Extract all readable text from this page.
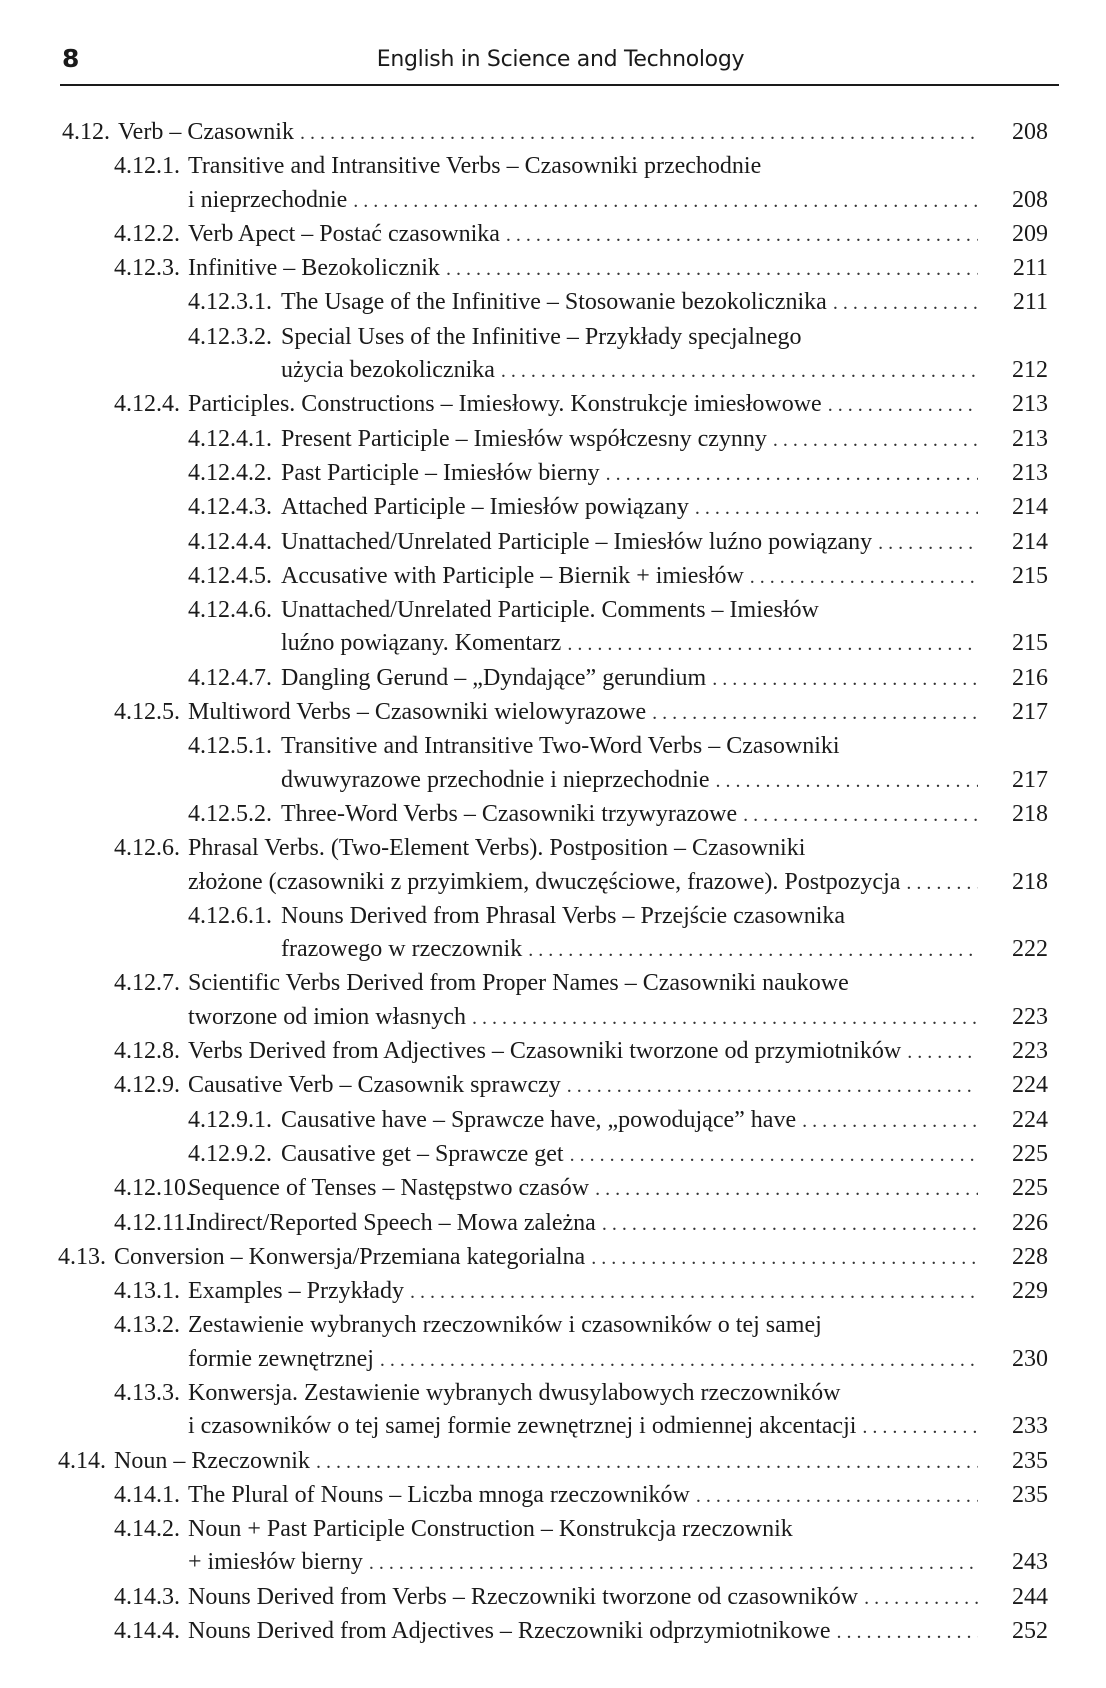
8	English in Science and Technology
4.12. Verb – Czasownik . . .	208
4.12.1. Transitive and Intransitive Verbs – Czasowniki przechodnie
i nieprzechodnie . . .	208
4.12.2. Verb Apect – Postać czasownika . . .	209
4.12.3. Infinitive – Bezokolicznik . . .	211
4.12.3.1. The Usage of the Infinitive – Stosowanie bezokolicznika . . .	211
4.12.3.2. Special Uses of the Infinitive – Przykłady specjalnego
użycia bezokolicznika . . .	212
4.12.4. Participles. Constructions – Imiesłowy. Konstrukcje imiesłowowe . . .	213
4.12.4.1. Present Participle – Imiesłów współczesny czynny . . .	213
4.12.4.2. Past Participle – Imiesłów bierny . . .	213
4.12.4.3. Attached Participle – Imiesłów powiązany . . .	214
4.12.4.4. Unattached/Unrelated Participle – Imiesłów luźno powiązany . . .	214
4.12.4.5. Accusative with Participle – Biernik + imiesłów . . .	215
4.12.4.6. Unattached/Unrelated Participle. Comments – Imiesłów
luźno powiązany. Komentarz . . .	215
4.12.4.7. Dangling Gerund – „Dyndające” gerundium . . .	216
4.12.5. Multiword Verbs – Czasowniki wielowyrazowe . . .	217
4.12.5.1. Transitive and Intransitive Two-Word Verbs – Czasowniki
dwuwyrazowe przechodnie i nieprzechodnie . . .	217
4.12.5.2. Three-Word Verbs – Czasowniki trzywyrazowe . . .	218
4.12.6. Phrasal Verbs. (Two-Element Verbs). Postposition – Czasowniki
złożone (czasowniki z przyimkiem, dwuczęściowe, frazowe). Postpozycja . . .	218
4.12.6.1. Nouns Derived from Phrasal Verbs – Przejście czasownika
frazowego w rzeczownik . . .	222
4.12.7. Scientific Verbs Derived from Proper Names – Czasowniki naukowe
tworzone od imion własnych . . .	223
4.12.8. Verbs Derived from Adjectives – Czasowniki tworzone od przymiotników . . .	223
4.12.9. Causative Verb – Czasownik sprawczy . . .	224
4.12.9.1. Causative have – Sprawcze have, „powodujące” have . . .	224
4.12.9.2. Causative get – Sprawcze get . . .	225
4.12.10.
Sequence of Tenses – Następstwo czasów . . .	225
4.12.11.
Indirect/Reported Speech – Mowa zależna . . .	226
4.13. Conversion – Konwersja/Przemiana kategorialna . . .	228
4.13.1. Examples – Przykłady . . .	229
4.13.2. Zestawienie wybranych rzeczowników i czasowników o tej samej
formie zewnętrznej . . .	230
4.13.3. Konwersja. Zestawienie wybranych dwusylabowych rzeczowników
i czasowników o tej samej formie zewnętrznej i odmiennej akcentacji . . .	233
4.14. Noun – Rzeczownik . . .	235
4.14.1. The Plural of Nouns – Liczba mnoga rzeczowników . . .	235
4.14.2. Noun + Past Participle Construction – Konstrukcja rzeczownik
+ imiesłów bierny . . .	243
4.14.3. Nouns Derived from Verbs – Rzeczowniki tworzone od czasowników . . .	244
4.14.4. Nouns Derived from Adjectives – Rzeczowniki odprzymiotnikowe . . .	252
